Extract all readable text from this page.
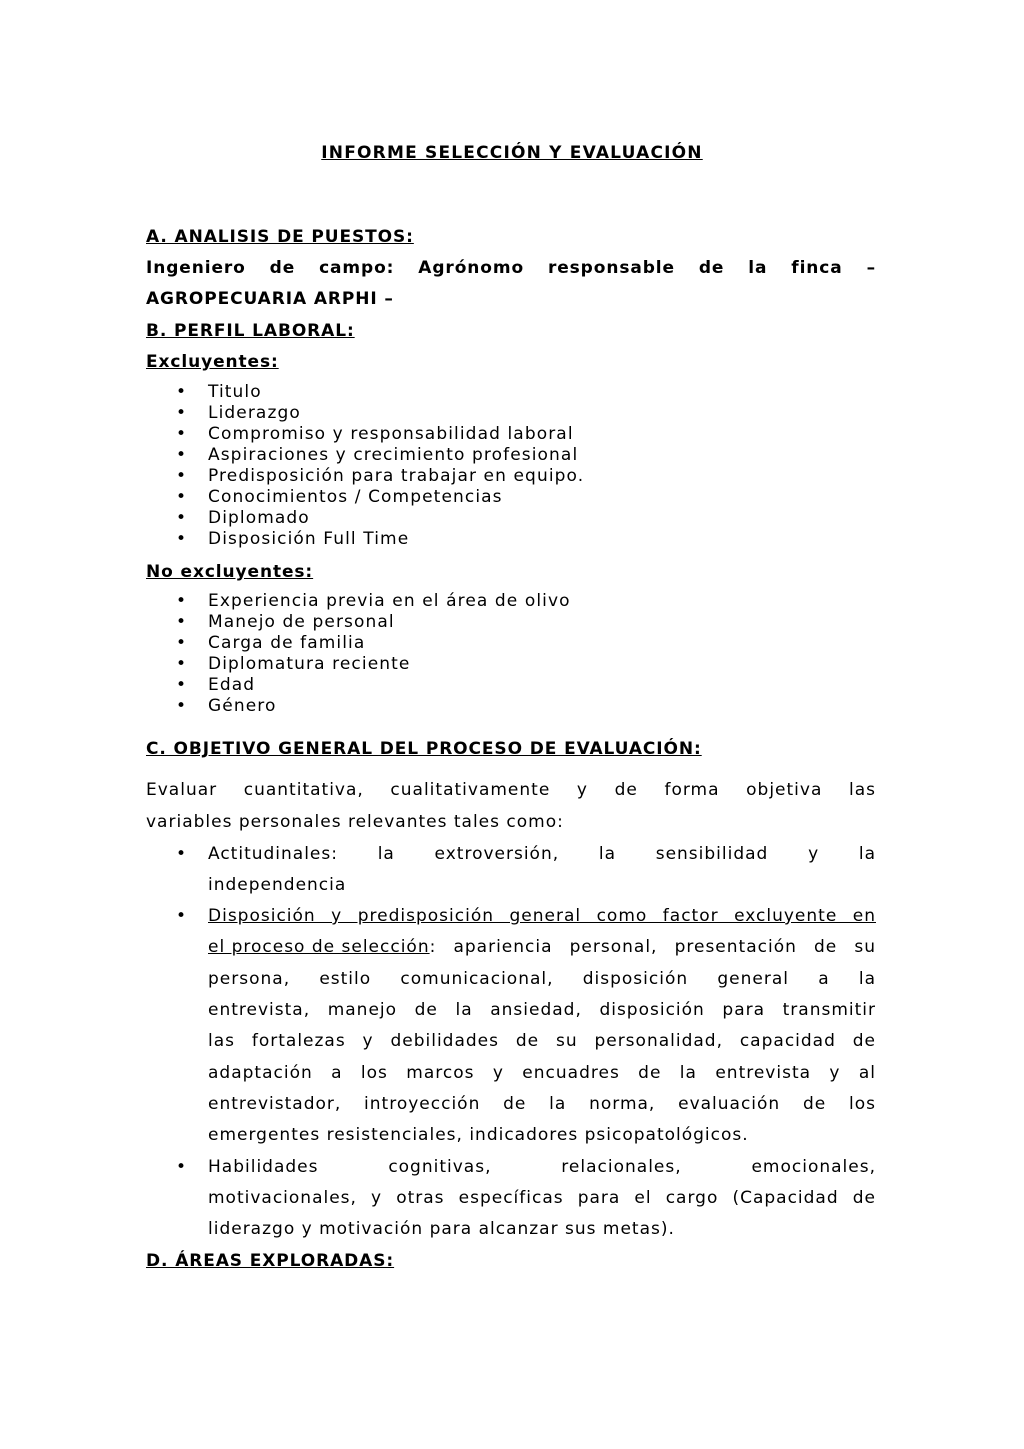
INFORME SELECCIÓN Y EVALUACIÓN
A. ANALISIS DE PUESTOS:
Ingeniero de campo: Agrónomo responsable de la finca –
AGROPECUARIA ARPHI –
B. PERFIL LABORAL:
Excluyentes:
• Titulo
• Liderazgo
• Compromiso y responsabilidad laboral
• Aspiraciones y crecimiento profesional
• Predisposición para trabajar en equipo.
• Conocimientos / Competencias
• Diplomado
• Disposición Full Time
No excluyentes:
• Experiencia previa en el área de olivo
• Manejo de personal
• Carga de familia
• Diplomatura reciente
• Edad
• Género
C. OBJETIVO GENERAL DEL PROCESO DE EVALUACIÓN:
Evaluar cuantitativa, cualitativamente y de forma objetiva las
variables personales relevantes tales como:
• Actitudinales: la extroversión, la sensibilidad y la
independencia
• Disposición y predisposición general como factor excluyente en
el proceso de selección : apariencia personal, presentación de su
persona, estilo comunicacional, disposición general a la
entrevista, manejo de la ansiedad, disposición para transmitir
las fortalezas y debilidades de su personalidad, capacidad de
adaptación a los marcos y encuadres de la entrevista y al
entrevistador, introyección de la norma, evaluación de los
emergentes resistenciales, indicadores psicopatológicos.
• Habilidades cognitivas, relacionales, emocionales,
motivacionales, y otras específicas para el cargo (Capacidad de
liderazgo y motivación para alcanzar sus metas).
D. ÁREAS EXPLORADAS:
